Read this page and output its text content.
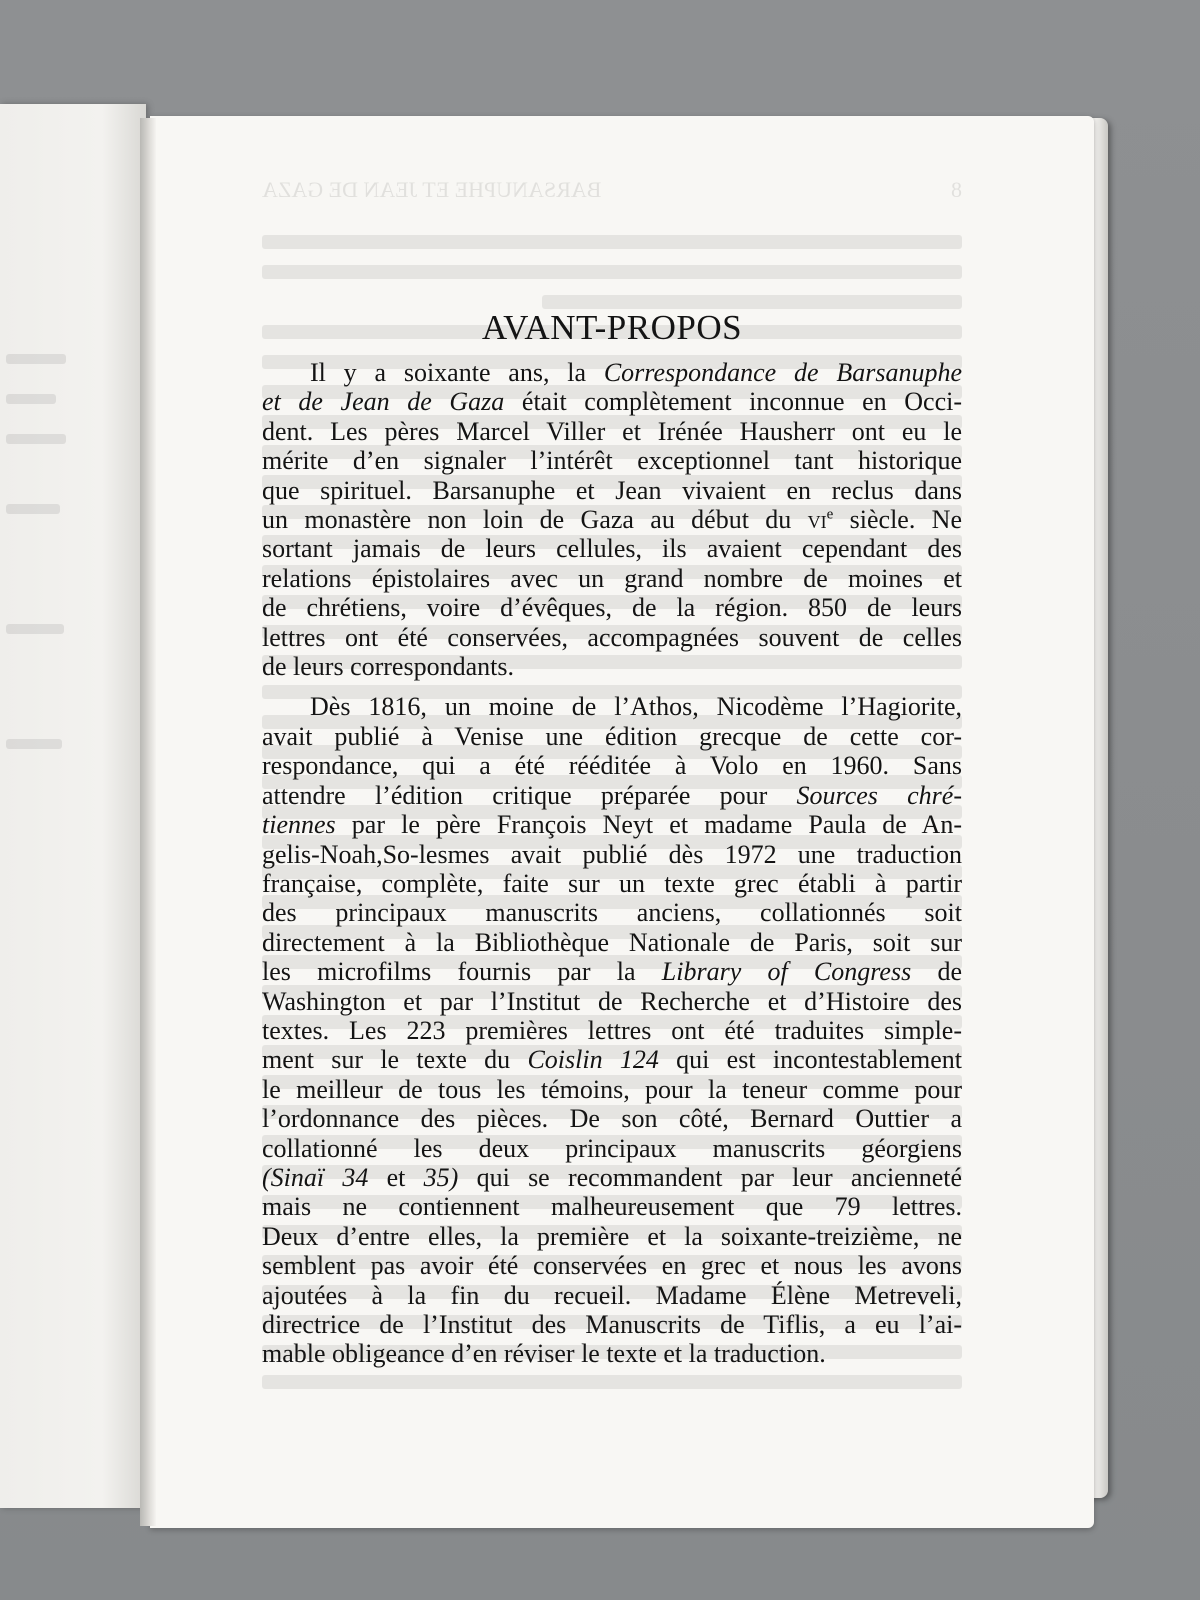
AVANT-PROPOS
Il y a soixante ans, la Correspondance de Barsanuphe
et de Jean de Gaza était complètement inconnue en Occi-
dent. Les pères Marcel Viller et Irénée Hausherr ont eu le
mérite d’en signaler l’intérêt exceptionnel tant historique
que spirituel. Barsanuphe et Jean vivaient en reclus dans
un monastère non loin de Gaza au début du $vi^e$ siècle. Ne
sortant jamais de leurs cellules, ils avaient cependant des
relations épistolaires avec un grand nombre de moines et
de chrétiens, voire d’évêques, de la région. 850 de leurs
lettres ont été conservées, accompagnées souvent de celles
de leurs correspondants.
Dès 1816, un moine de l’Athos, Nicodème l’Hagiorite,
avait publié à Venise une édition grecque de cette cor-
respondance, qui a été rééditée à Volo en 1960. Sans
attendre l’édition critique préparée pour Sources chré-
tiennes par le père François Neyt et madame Paula de An-
gelis-Noah,So-lesmes avait publié dès 1972 une traduction
française, complète, faite sur un texte grec établi à partir
des principaux manuscrits anciens, collationnés soit
directement à la Bibliothèque Nationale de Paris, soit sur
les microfilms fournis par la Library of Congress de
Washington et par l’Institut de Recherche et d’Histoire des
textes. Les 223 premières lettres ont été traduites simple-
ment sur le texte du Coislin 124 qui est incontestablement
le meilleur de tous les témoins, pour la teneur comme pour
l’ordonnance des pièces. De son côté, Bernard Outtier a
collationné les deux principaux manuscrits géorgiens
(Sinaï 34 et 35) qui se recommandent par leur ancienneté
mais ne contiennent malheureusement que 79 lettres.
Deux d’entre elles, la première et la soixante-treizième, ne
semblent pas avoir été conservées en grec et nous les avons
ajoutées à la fin du recueil. Madame Élène Metreveli,
directrice de l’Institut des Manuscrits de Tiflis, a eu l’ai-
mable obligeance d’en réviser le texte et la traduction.
